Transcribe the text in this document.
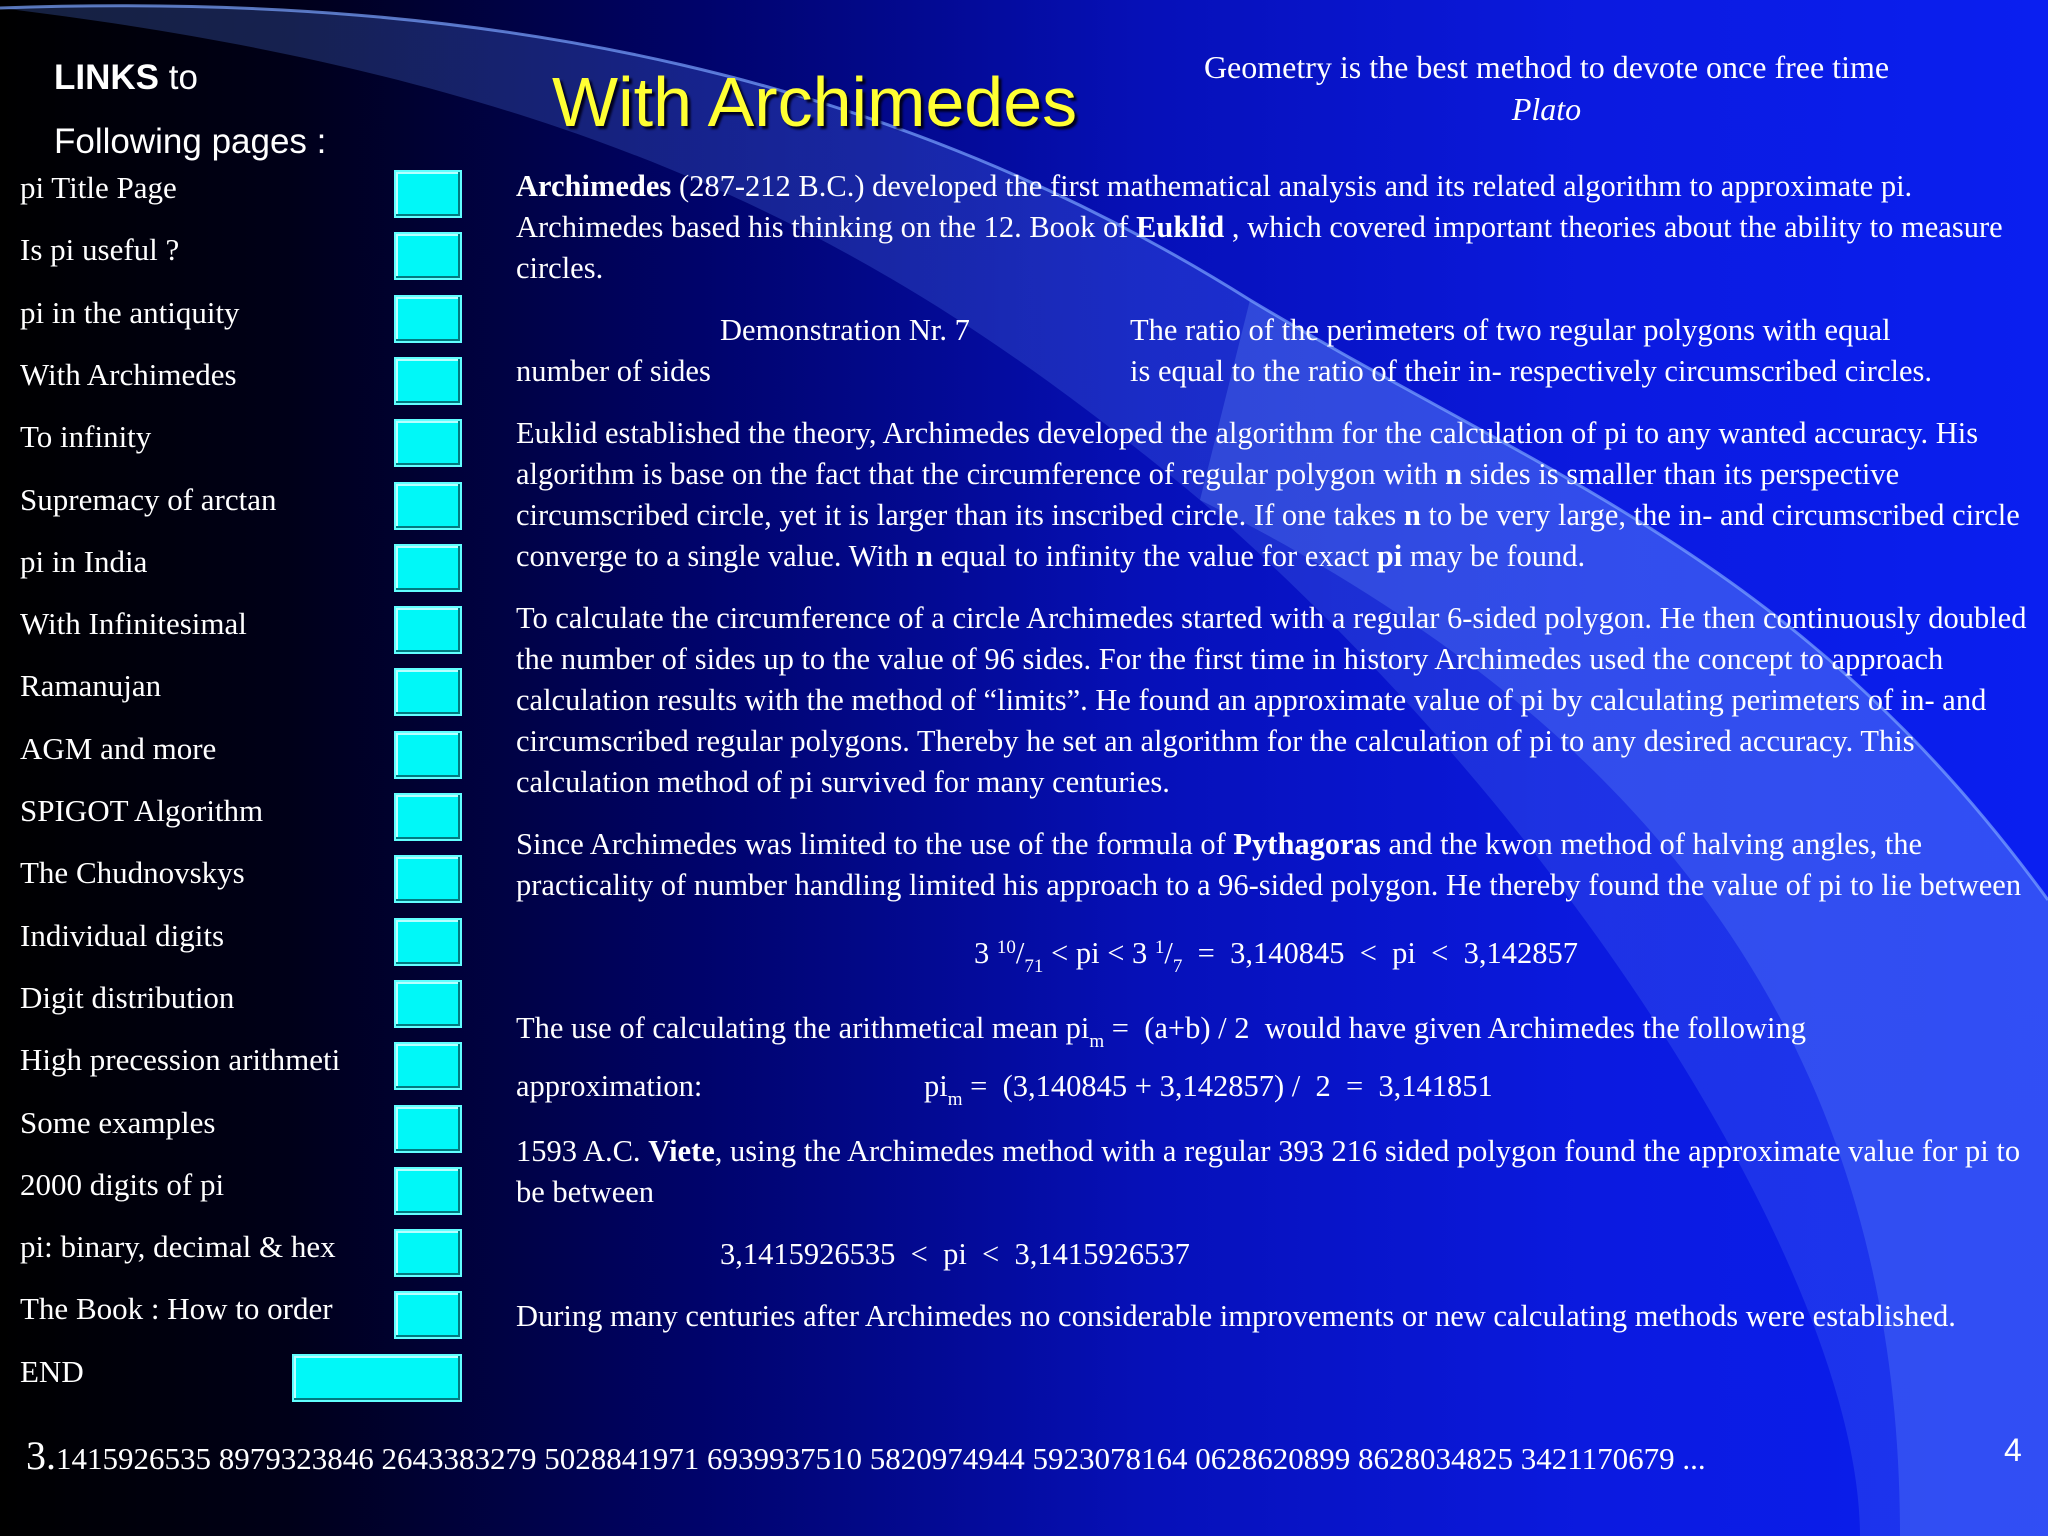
LINKS to
Following pages :
With Archimedes	Geometry is the best method to devote once free time
Plato
pi Title Page
Is pi useful ?
pi in the antiquity
With Archimedes
To infinity
Supremacy of arctan
pi in India
With Infinitesimal
Ramanujan
AGM and more
SPIGOT Algorithm
The Chudnovskys
Individual digits
Digit distribution
High precession arithmeti
Some examples
2000 digits of pi
pi: binary, decimal & hex
The Book : How to order
END

Archimedes (287-212 B.C.) developed the first mathematical analysis and its related algorithm to approximate pi. Archimedes based his thinking on the 12. Book of Euklid , which covered important theories about the ability to measure circles.

Demonstration Nr. 7	The ratio of the perimeters of two regular polygons with equal
number of sides	is equal to the ratio of their in- respectively circumscribed circles.

Euklid established the theory, Archimedes developed the algorithm for the calculation of pi to any wanted accuracy. His algorithm is base on the fact that the circumference of regular polygon with n sides is smaller than its perspective circumscribed circle, yet it is larger than its inscribed circle. If one takes n to be very large, the in- and circumscribed circle converge to a single value. With n equal to infinity the value for exact pi may be found.

To calculate the circumference of a circle Archimedes started with a regular 6-sided polygon. He then continuously doubled the number of sides up to the value of 96 sides. For the first time in history Archimedes used the concept to approach calculation results with the method of “limits”. He found an approximate value of pi by calculating perimeters of in- and circumscribed regular polygons. Thereby he set an algorithm for the calculation of pi to any desired accuracy. This calculation method of pi survived for many centuries.

Since Archimedes was limited to the use of the formula of Pythagoras and the kwon method of halving angles, the practicality of number handling limited his approach to a 96-sided polygon. He thereby found the value of pi to lie between

3 $^{10}/_{71}$ < pi < 3 $^1/_7 = 3,140845$  <  pi  <  3,142857
The use of calculating the arithmetical mean $pi_m = (a+b) / 2$  would have given Archimedes the following
approximation:	$pi_m = (3,140845 + 3,142857) / 2 = 3,141851$

1593 A.C. Viete, using the Archimedes method with a regular 393 216 sided polygon found the approximate value for pi to be between

3,1415926535  <  pi  <  3,1415926537

During many centuries after Archimedes no considerable improvements or new calculating methods were established.

3.1415926535 8979323846 2643383279 5028841971 6939937510 5820974944 5923078164 0628620899 8628034825 3421170679 ...	4
